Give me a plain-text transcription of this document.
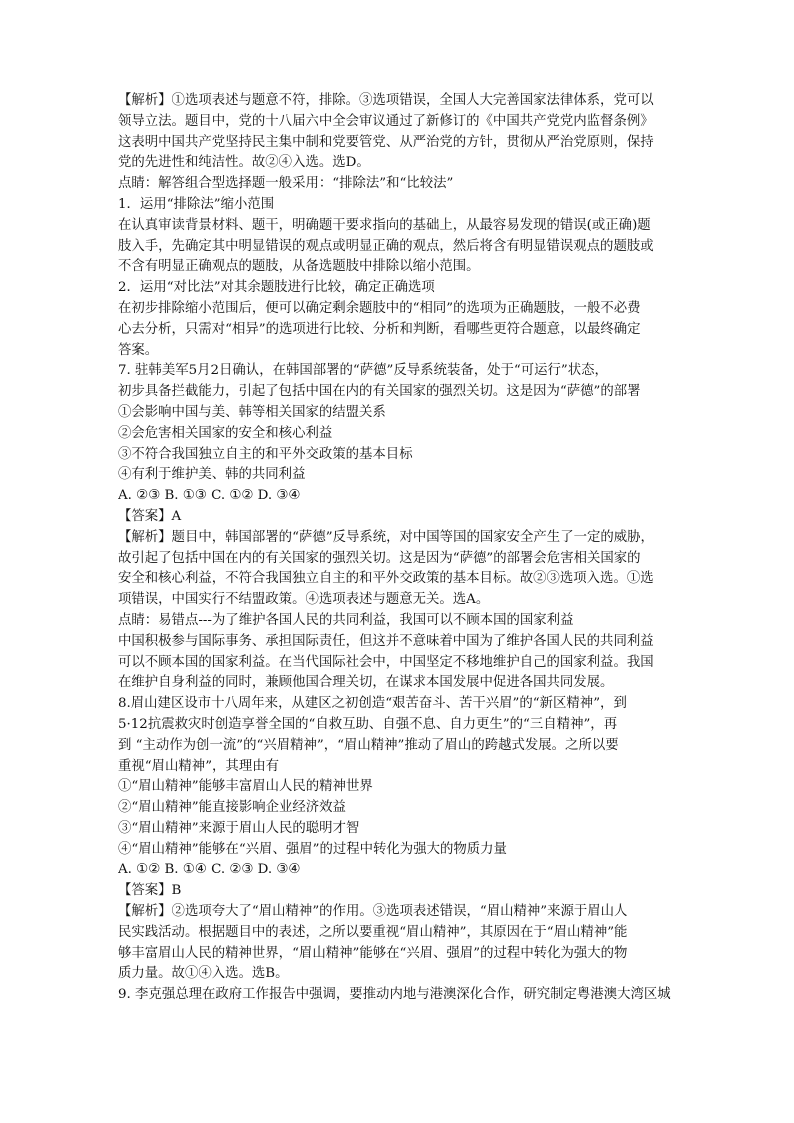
【解析】①选项表述与题意不符，排除。③选项错误，全国人大完善国家法律体系，党可以
领导立法。题目中，党的十八届六中全会审议通过了新修订的《中国共产党党内监督条例》
这表明中国共产党坚持民主集中制和党要管党、从严治党的方针，贯彻从严治党原则，保持
党的先进性和纯洁性。故②④入选。选D。
点睛：解答组合型选择题一般采用：“排除法”和“比较法”
1．运用“排除法”缩小范围
在认真审读背景材料、题干，明确题干要求指向的基础上，从最容易发现的错误(或正确)题
肢入手，先确定其中明显错误的观点或明显正确的观点，然后将含有明显错误观点的题肢或
不含有明显正确观点的题肢，从备选题肢中排除以缩小范围。
2．运用“对比法”对其余题肢进行比较，确定正确选项
在初步排除缩小范围后，便可以确定剩余题肢中的“相同”的选项为正确题肢，一般不必费
心去分析，只需对“相异”的选项进行比较、分析和判断，看哪些更符合题意，以最终确定
答案。
7. 驻韩美军5月2日确认，在韩国部署的“萨德”反导系统装备，处于“可运行”状态，
初步具备拦截能力，引起了包括中国在内的有关国家的强烈关切。这是因为“萨德”的部署
①会影响中国与美、韩等相关国家的结盟关系
②会危害相关国家的安全和核心利益
③不符合我国独立自主的和平外交政策的基本目标
④有利于维护美、韩的共同利益
A. ②③ B. ①③ C. ①② D. ③④
【答案】A
【解析】题目中，韩国部署的“萨德”反导系统，对中国等国的国家安全产生了一定的威胁，
故引起了包括中国在内的有关国家的强烈关切。这是因为“萨德”的部署会危害相关国家的
安全和核心利益，不符合我国独立自主的和平外交政策的基本目标。故②③选项入选。①选
项错误，中国实行不结盟政策。④选项表述与题意无关。选A。
点睛：易错点---为了维护各国人民的共同利益，我国可以不顾本国的国家利益
中国积极参与国际事务、承担国际责任，但这并不意味着中国为了维护各国人民的共同利益
可以不顾本国的国家利益。在当代国际社会中，中国坚定不移地维护自己的国家利益。我国
在维护自身利益的同时，兼顾他国合理关切，在谋求本国发展中促进各国共同发展。
8.眉山建区设市十八周年来，从建区之初创造“艰苦奋斗、苦干兴眉”的“新区精神”，到
5·12抗震救灾时创造享誉全国的“自救互助、自强不息、自力更生”的“三自精神”，再
到 “主动作为创一流”的“兴眉精神”，“眉山精神”推动了眉山的跨越式发展。之所以要
重视“眉山精神”，其理由有
①“眉山精神”能够丰富眉山人民的精神世界
②“眉山精神”能直接影响企业经济效益
③“眉山精神”来源于眉山人民的聪明才智
④“眉山精神”能够在“兴眉、强眉”的过程中转化为强大的物质力量
A. ①② B. ①④ C. ②③ D. ③④
【答案】B
【解析】②选项夸大了“眉山精神”的作用。③选项表述错误，“眉山精神”来源于眉山人
民实践活动。根据题目中的表述，之所以要重视“眉山精神”，其原因在于“眉山精神”能
够丰富眉山人民的精神世界，“眉山精神”能够在“兴眉、强眉”的过程中转化为强大的物
质力量。故①④入选。选B。
9. 李克强总理在政府工作报告中强调，要推动内地与港澳深化合作，研究制定粤港澳大湾区城
